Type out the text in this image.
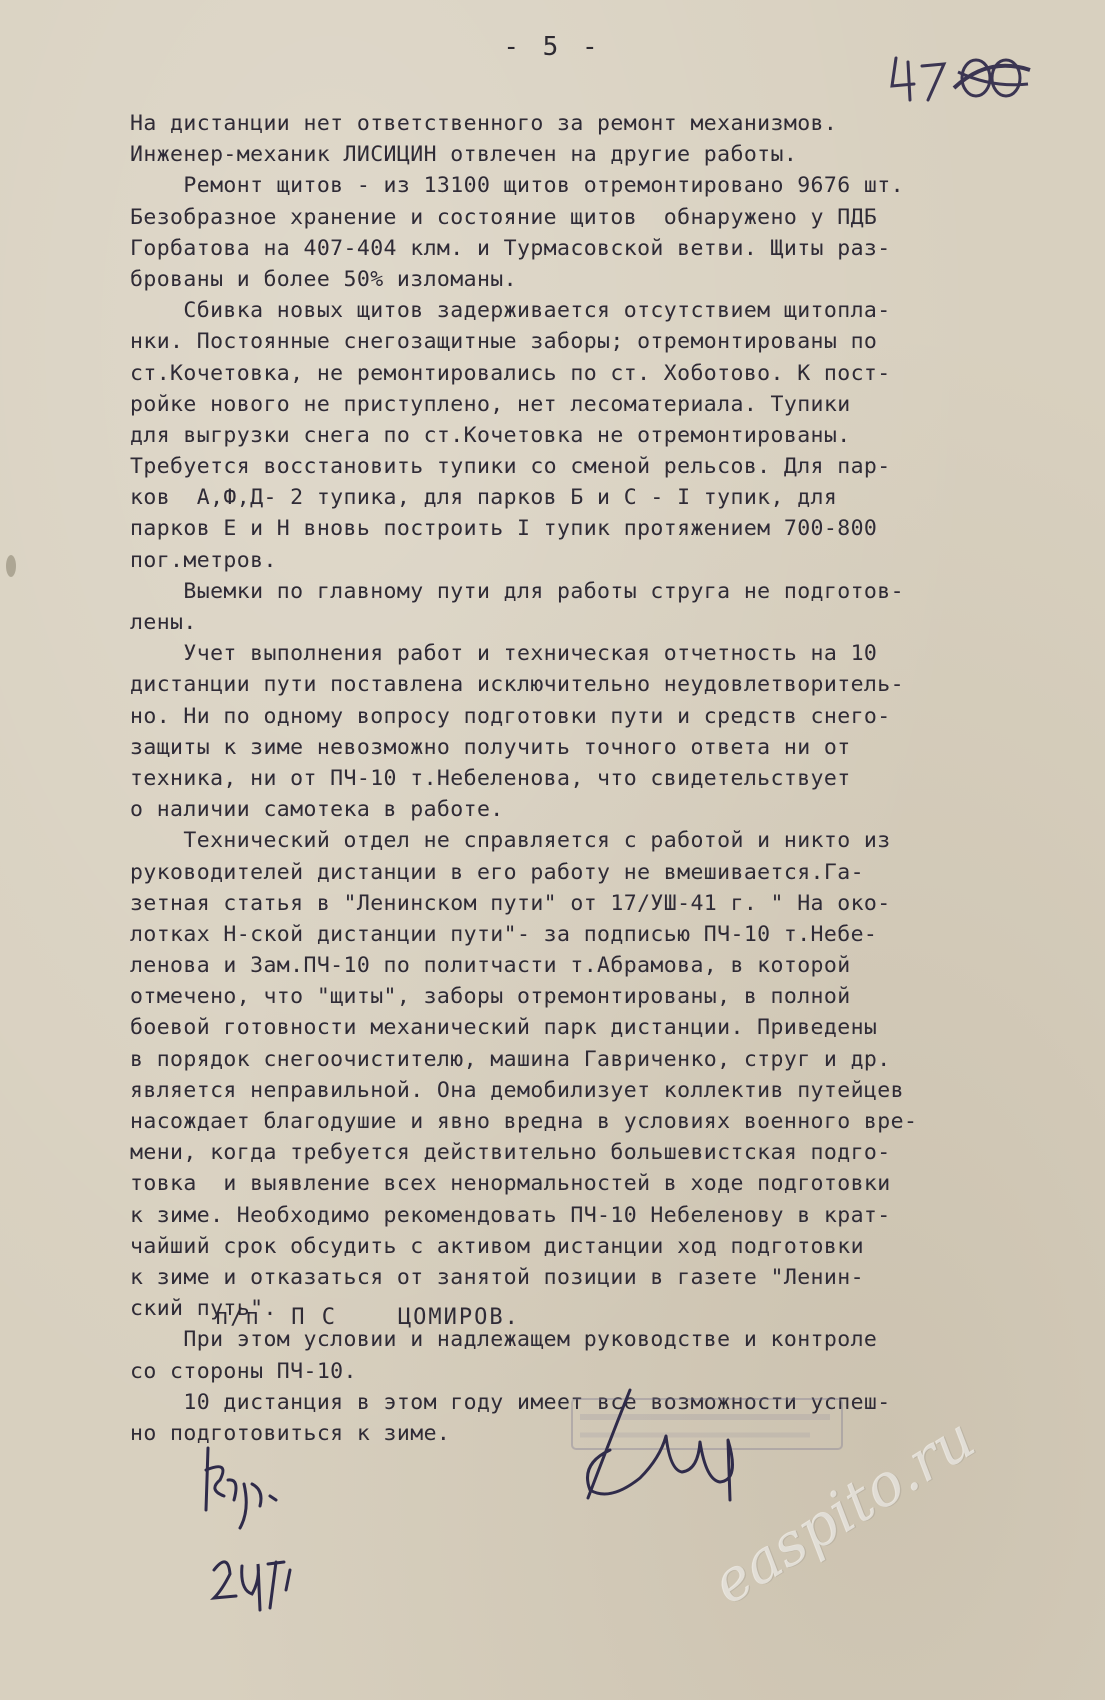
- 5 -
На дистанции нет ответственного за ремонт механизмов.
Инженер-механик ЛИСИЦИН отвлечен на другие работы.
Ремонт щитов - из 13100 щитов отремонтировано 9676 шт.
Безобразное хранение и состояние щитов  обнаружено у ПДБ
Горбатова на 407-404 клм. и Турмасовской ветви. Щиты раз-
брованы и более 50% изломаны.
Сбивка новых щитов задерживается отсутствием щитопла-
нки. Постоянные снегозащитные заборы; отремонтированы по
ст.Кочетовка, не ремонтировались по ст. Хоботово. К пост-
ройке нового не приступлено, нет лесоматериала. Тупики
для выгрузки снега по ст.Кочетовка не отремонтированы.
Требуется восстановить тупики со сменой рельсов. Для пар-
ков  А,Ф,Д- 2 тупика, для парков Б и С - I тупик, для
парков Е и Н вновь построить I тупик протяжением 700-800
пог.метров.
Выемки по главному пути для работы струга не подготов-
лены.
Учет выполнения работ и техническая отчетность на 10
дистанции пути поставлена исключительно неудовлетворитель-
но. Ни по одному вопросу подготовки пути и средств снего-
защиты к зиме невозможно получить точного ответа ни от
техника, ни от ПЧ-10 т.Небеленова, что свидетельствует
о наличии самотека в работе.
Технический отдел не справляется с работой и никто из
руководителей дистанции в его работу не вмешивается.Га-
зетная статья в "Ленинском пути" от 17/УШ-41 г. " На око-
лотках Н-ской дистанции пути"- за подписью ПЧ-10 т.Небе-
ленова и Зам.ПЧ-10 по политчасти т.Абрамова, в которой
отмечено, что "щиты", заборы отремонтированы, в полной
боевой готовности механический парк дистанции. Приведены
в порядок снегоочистителю, машина Гавриченко, струг и др.
является неправильной. Она демобилизует коллектив путейцев
насождает благодушие и явно вредна в условиях военного вре-
мени, когда требуется действительно большевистская подго-
товка  и выявление всех ненормальностей в ходе подготовки
к зиме. Необходимо рекомендовать ПЧ-10 Небеленову в крат-
чайший срок обсудить с активом дистанции ход подготовки
к зиме и отказаться от занятой позиции в газете "Ленин-
ский путь".
При этом условии и надлежащем руководстве и контроле
со стороны ПЧ-10.
10 дистанция в этом году имеет все возможности успеш-
но подготовиться к зиме.
п/п  П С    ЦОМИРОВ.
easpito.ru
